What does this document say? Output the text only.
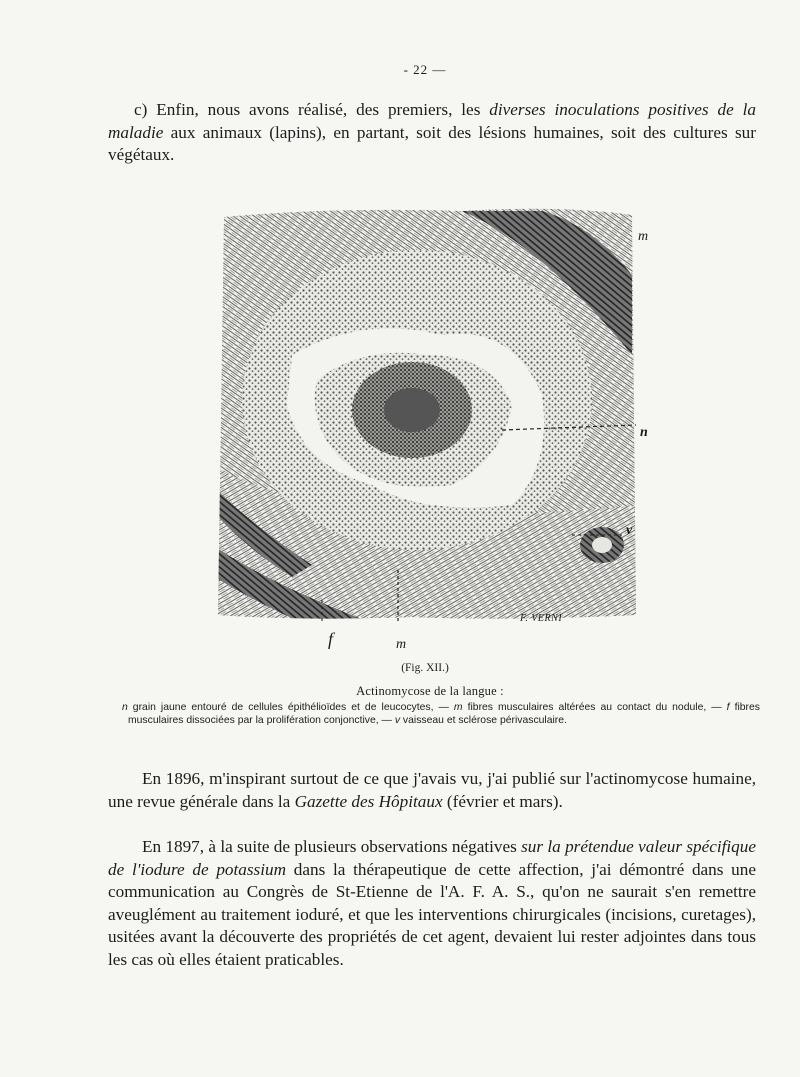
- 22 —

c) Enfin, nous avons réalisé, des premiers, les diverses inoculations positives de la maladie aux animaux (lapins), en partant, soit des lésions humaines, soit des cultures sur végétaux.

m
n
v
f	m
F. VERNI
(Fig. XII.)
Actinomycose de la langue :

n grain jaune entouré de cellules épithélioïdes et de leucocytes, — m fibres musculaires altérées au contact du nodule, — f fibres musculaires dissociées par la prolifération conjonctive, — v vaisseau et sclérose périvasculaire.

En 1896, m'inspirant surtout de ce que j'avais vu, j'ai publié sur l'actinomycose humaine, une revue générale dans la Gazette des Hôpitaux (février et mars).

En 1897, à la suite de plusieurs observations négatives sur la prétendue valeur spécifique de l'iodure de potassium dans la thérapeutique de cette affection, j'ai démontré dans une communication au Congrès de St-Etienne de l'A. F. A. S., qu'on ne saurait s'en remettre aveuglément au traitement ioduré, et que les interventions chirurgicales (incisions, curetages), usitées avant la découverte des propriétés de cet agent, devaient lui rester adjointes dans tous les cas où elles étaient praticables.
